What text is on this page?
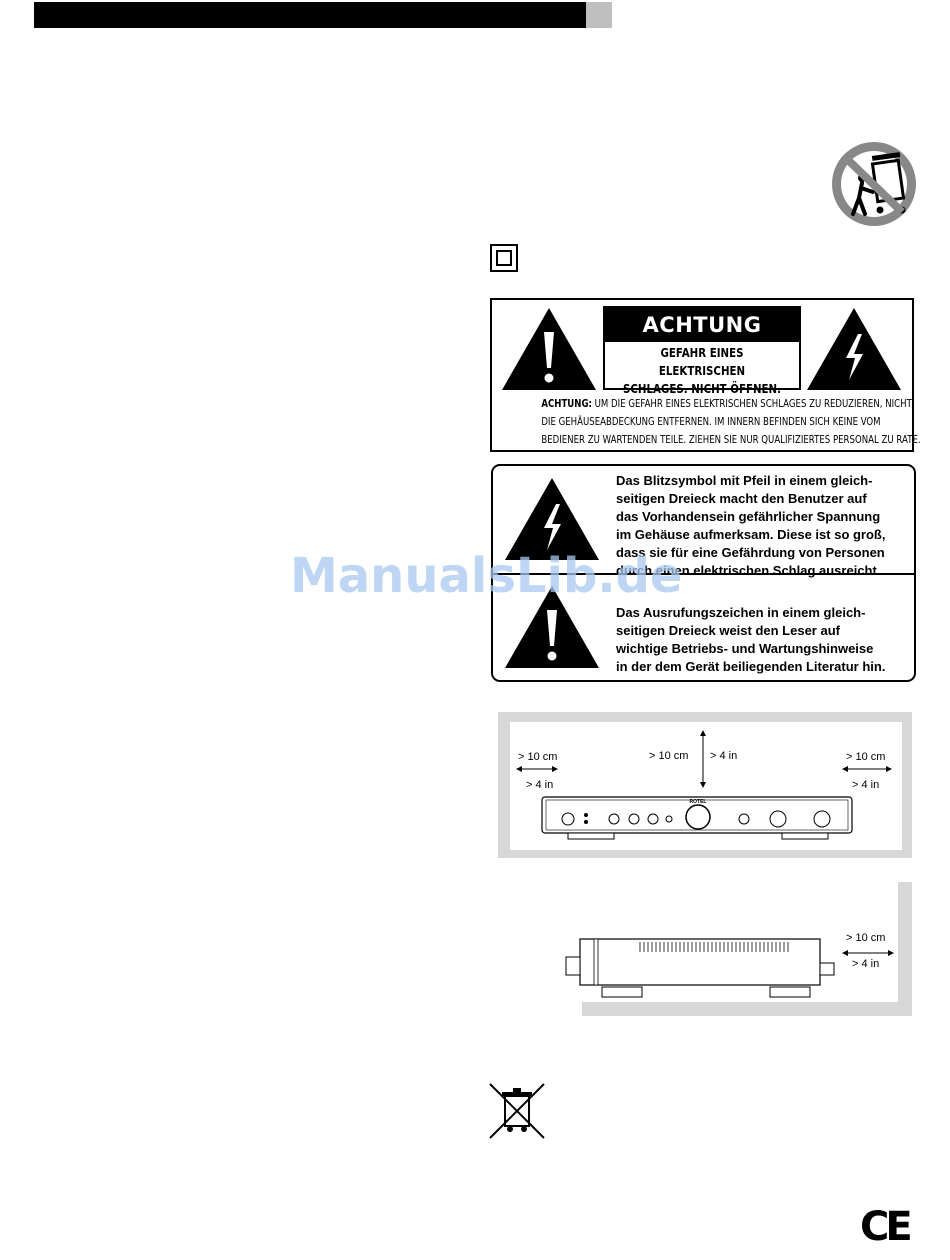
ACHTUNG
GEFAHR EINES ELEKTRISCHEN
SCHLAGES. NICHT ÖFFNEN.
ACHTUNG: UM DIE GEFAHR EINES ELEKTRISCHEN SCHLAGES ZU REDUZIEREN, NICHT
DIE GEHÄUSEABDECKUNG ENTFERNEN. IM INNERN BEFINDEN SICH KEINE VOM
BEDIENER ZU WARTENDEN TEILE. ZIEHEN SIE NUR QUALIFIZIERTES PERSONAL ZU RATE.
Das Blitzsymbol mit Pfeil in einem gleich-
seitigen Dreieck macht den Benutzer auf
das Vorhandensein gefährlicher Spannung
im Gehäuse aufmerksam. Diese ist so groß,
dass sie für eine Gefährdung von Personen
durch einen elektrischen Schlag ausreicht.
Das Ausrufungszeichen in einem gleich-
seitigen Dreieck weist den Leser auf
wichtige Betriebs- und Wartungshinweise
in der dem Gerät beiliegenden Literatur hin.
ManualsLib.de
> 10 cm
> 4 in
> 10 cm > 4 in	> 10 cm
> 4 in
ROTEL
> 10 cm
> 4 in
CE
